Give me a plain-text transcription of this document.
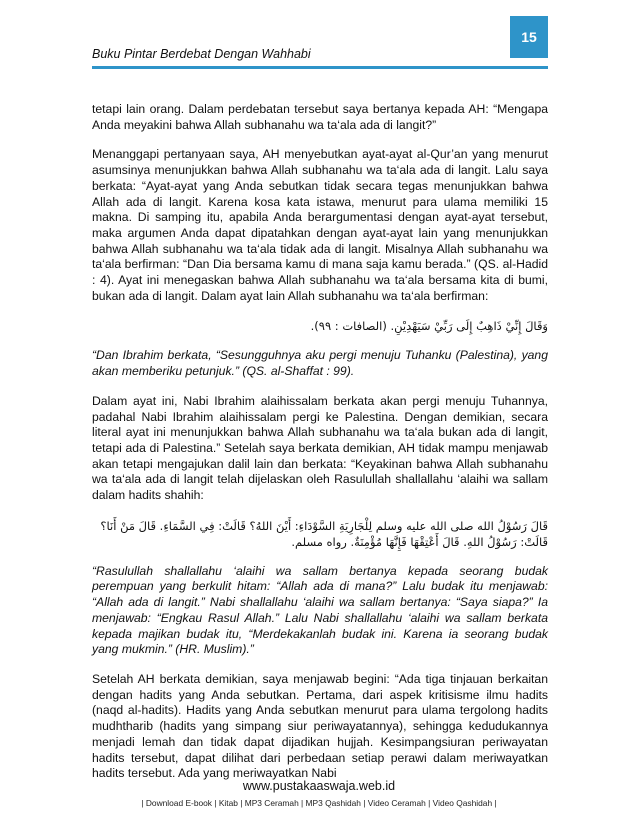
15
Buku Pintar Berdebat Dengan Wahhabi

tetapi lain orang. Dalam perdebatan tersebut saya bertanya kepada AH: “Mengapa Anda meyakini bahwa Allah subhanahu wa ta‘ala ada di langit?”

Menanggapi pertanyaan saya, AH menyebutkan ayat-ayat al-Qur’an yang menurut asumsinya menunjukkan bahwa Allah subhanahu wa ta‘ala ada di langit. Lalu saya berkata: “Ayat-ayat yang Anda sebutkan tidak secara tegas menunjukkan bahwa Allah ada di langit. Karena kosa kata istawa, menurut para ulama memiliki 15 makna. Di samping itu, apabila Anda berargumentasi dengan ayat-ayat tersebut, maka argumen Anda dapat dipatahkan dengan ayat-ayat lain yang menunjukkan bahwa Allah subhanahu wa ta‘ala tidak ada di langit. Misalnya Allah subhanahu wa ta‘ala berfirman: “Dan Dia bersama kamu di mana saja kamu berada.” (QS. al-Hadid : 4). Ayat ini menegaskan bahwa Allah subhanahu wa ta‘ala bersama kita di bumi, bukan ada di langit. Dalam ayat lain Allah subhanahu wa ta‘ala berfirman:

وَقَالَ إِنِّيْ ذَاهِبٌ إِلَى رَبِّيْ سَيَهْدِيْنِ. (الصافات : ٩٩).

“Dan Ibrahim berkata, “Sesungguhnya aku pergi menuju Tuhanku (Palestina), yang akan memberiku petunjuk.” (QS. al-Shaffat : 99).

Dalam ayat ini, Nabi Ibrahim alaihissalam berkata akan pergi menuju Tuhannya, padahal Nabi Ibrahim alaihissalam pergi ke Palestina. Dengan demikian, secara literal ayat ini menunjukkan bahwa Allah subhanahu wa ta‘ala bukan ada di langit, tetapi ada di Palestina.” Setelah saya berkata demikian, AH tidak mampu menjawab akan tetapi mengajukan dalil lain dan berkata: “Keyakinan bahwa Allah subhanahu wa ta‘ala ada di langit telah dijelaskan oleh Rasulullah shallallahu ‘alaihi wa sallam dalam hadits shahih:

قَالَ رَسُوْلُ الله صلى الله عليه وسلم لِلْجَارِيَةِ السَّوْدَاءِ: أَيْنَ اللهُ؟ قَالَتْ: فِي السَّمَاءِ. قَالَ مَنْ أَنَا؟ قَالَتْ: رَسُوْلُ اللهِ. قَالَ أَعْتِقْهَا فَإِنَّهَا مُؤْمِنَةٌ. رواه مسلم.

“Rasulullah shallallahu ‘alaihi wa sallam bertanya kepada seorang budak perempuan yang berkulit hitam: “Allah ada di mana?” Lalu budak itu menjawab: “Allah ada di langit.” Nabi shallallahu ‘alaihi wa sallam bertanya: “Saya siapa?” Ia menjawab: “Engkau Rasul Allah.” Lalu Nabi shallallahu ‘alaihi wa sallam berkata kepada majikan budak itu, “Merdekakanlah budak ini. Karena ia seorang budak yang mukmin.” (HR. Muslim).”

Setelah AH berkata demikian, saya menjawab begini: “Ada tiga tinjauan berkaitan dengan hadits yang Anda sebutkan. Pertama, dari aspek kritisisme ilmu hadits (naqd al-hadits). Hadits yang Anda sebutkan menurut para ulama tergolong hadits mudhtharib (hadits yang simpang siur periwayatannya), sehingga kedudukannya menjadi lemah dan tidak dapat dijadikan hujjah. Kesimpangsiuran periwayatan hadits tersebut, dapat dilihat dari perbedaan setiap perawi dalam meriwayatkan hadits tersebut. Ada yang meriwayatkan Nabi

www.pustakaaswaja.web.id
| Download E-book | Kitab | MP3 Ceramah | MP3 Qashidah | Video Ceramah | Video Qashidah |
